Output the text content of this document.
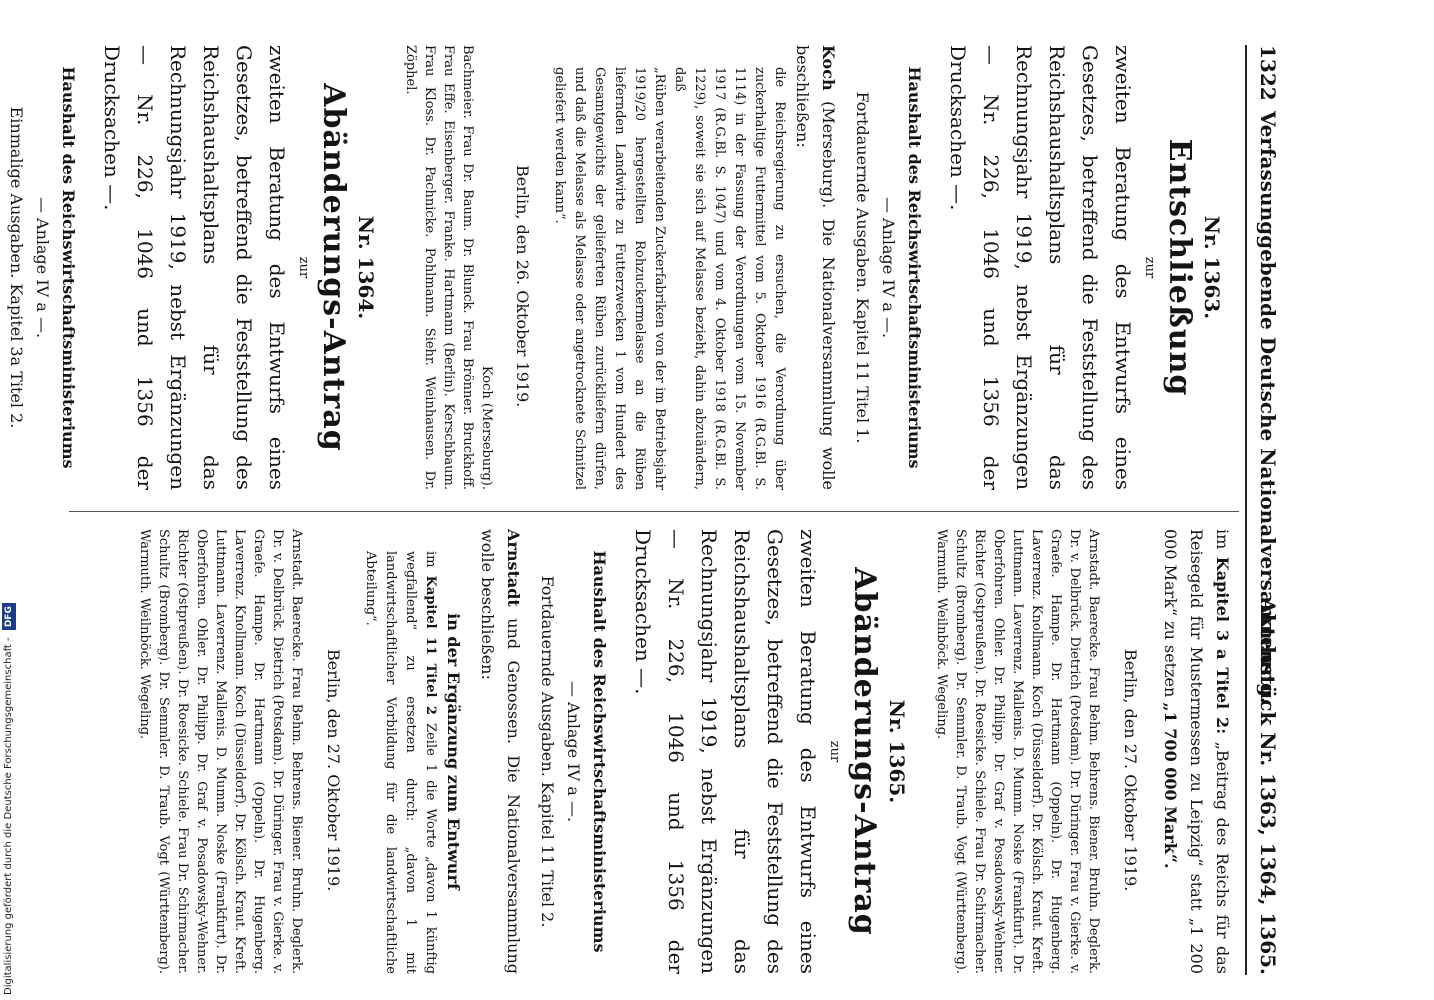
1322
Verfassunggebende Deutsche Nationalversammlung.
Aktenstück Nr. 1363, 1364, 1365.
Nr. 1363.
Entschließung
zur
zweiten Beratung des Entwurfs eines Gesetzes, betreffend die Feststellung des Reichshaushaltsplans für das Rechnungsjahr 1919, nebst Ergänzungen — Nr. 226, 1046 und 1356 der Drucksachen —.
Haushalt des Reichswirtschaftsministeriums
— Anlage IV a —.
Fortdauernde Ausgaben. Kapitel 11 Titel 1.
Koch (Merseburg). Die Nationalversammlung wolle beschließen:
die Reichsregierung zu ersuchen, die Verordnung über zuckerhaltige Futtermittel vom 5. Oktober 1916 (R.G.Bl. S. 1114) in der Fassung der Verordnungen vom 15. November 1917 (R.G.Bl. S. 1047) und vom 4. Oktober 1918 (R.G.Bl. S. 1229), soweit sie sich auf Melasse bezieht, dahin abzuändern, daß
„Rüben verarbeitenden Zuckerfabriken von der im Betriebsjahr 1919/20 hergestellten Rohzuckermelasse an die Rüben liefernden Landwirte zu Futterzwecken 1 vom Hundert des Gesamtgewichts der gelieferten Rüben zurückliefern dürfen, und daß die Melasse als Melasse oder angetrocknete Schnitzel geliefert werden kann“.
Berlin, den 26. Oktober 1919.
Koch (Merseburg).
Bachmeier. Frau Dr. Baum. Dr. Blunck. Frau Brönner. Bruckhoff. Frau Effe. Eisenberger. Franke. Hartmann (Berlin). Kerschbaum. Frau Kloss. Dr. Pachnicke. Pohlmann. Siehr. Weinhausen. Dr. Zöphel.
Nr. 1364.
Abänderungs-Antrag
zur
zweiten Beratung des Entwurfs eines Gesetzes, betreffend die Feststellung des Reichshaushaltsplans für das Rechnungsjahr 1919, nebst Ergänzungen — Nr. 226, 1046 und 1356 der Drucksachen —.
Haushalt des Reichswirtschaftsministeriums
— Anlage IV a —.
Einmalige Ausgaben. Kapitel 3a Titel 2.
im Kapitel 3 a Titel 2: „Beitrag des Reichs für das Reisegeld für Mustermessen zu Leipzig“ statt „1 200 000 Mark“ zu setzen „1 700 000 Mark“.
Berlin, den 27. Oktober 1919.
Arnstadt. Baerecke. Frau Behm. Behrens. Biener. Bruhn. Deglerk. Dr. v. Delbrück. Dietrich (Potsdam). Dr. Düringer. Frau v. Gierke. v. Graefe. Hampe. Dr. Hartmann (Oppeln). Dr. Hugenberg. Laverrenz. Knollmann. Koch (Düsseldorf). Dr. Kölsch. Kraut. Kreft. Luttmann. Laverrenz. Mallenis. D. Mumm. Noske (Frankfurt). Dr. Oberfohren. Ohler. Dr. Philipp. Dr. Graf v. Posadowsky-Wehner. Richter (Ostpreußen). Dr. Roesicke. Schiele. Frau Dr. Schirmacher. Schultz (Bromberg). Dr. Semmler. D. Traub. Vogt (Württemberg). Warmuth. Weilnböck. Wegeling.
Nr. 1365.
Abänderungs-Antrag
zur
zweiten Beratung des Entwurfs eines Gesetzes, betreffend die Feststellung des Reichshaushaltsplans für das Rechnungsjahr 1919, nebst Ergänzungen — Nr. 226, 1046 und 1356 der Drucksachen —.
Haushalt des Reichswirtschaftsministeriums
— Anlage IV a —.
Fortdauernde Ausgaben. Kapitel 11 Titel 2.
Arnstadt und Genossen. Die Nationalversammlung wolle beschließen:
in der Ergänzung zum Entwurf
im Kapitel 11 Titel 2 Zeile 1 die Worte „davon 1 künftig wegfallend“ zu ersetzen durch: „davon 1 mit landwirtschaftlicher Vorbildung für die landwirtschaftliche Abteilung“.
Berlin, den 27. Oktober 1919.
Arnstadt. Baerecke. Frau Behm. Behrens. Biener. Bruhn. Deglerk. Dr. v. Delbrück. Dietrich (Potsdam). Dr. Düringer. Frau v. Gierke. v. Graefe. Hampe. Dr. Hartmann (Oppeln). Dr. Hugenberg. Laverrenz. Knollmann. Koch (Düsseldorf). Dr. Kölsch. Kraut. Kreft. Luttmann. Laverrenz. Mallenis. D. Mumm. Noske (Frankfurt). Dr. Oberfohren. Ohler. Dr. Philipp. Dr. Graf v. Posadowsky-Wehner. Richter (Ostpreußen). Dr. Roesicke. Schiele. Frau Dr. Schirmacher. Schultz (Bromberg). Dr. Semmler. D. Traub. Vogt (Württemberg). Warmuth. Weilnböck. Wegeling.
Digitalisierung gefördert durch die Deutsche Forschungsgemeinschaft - DFG
